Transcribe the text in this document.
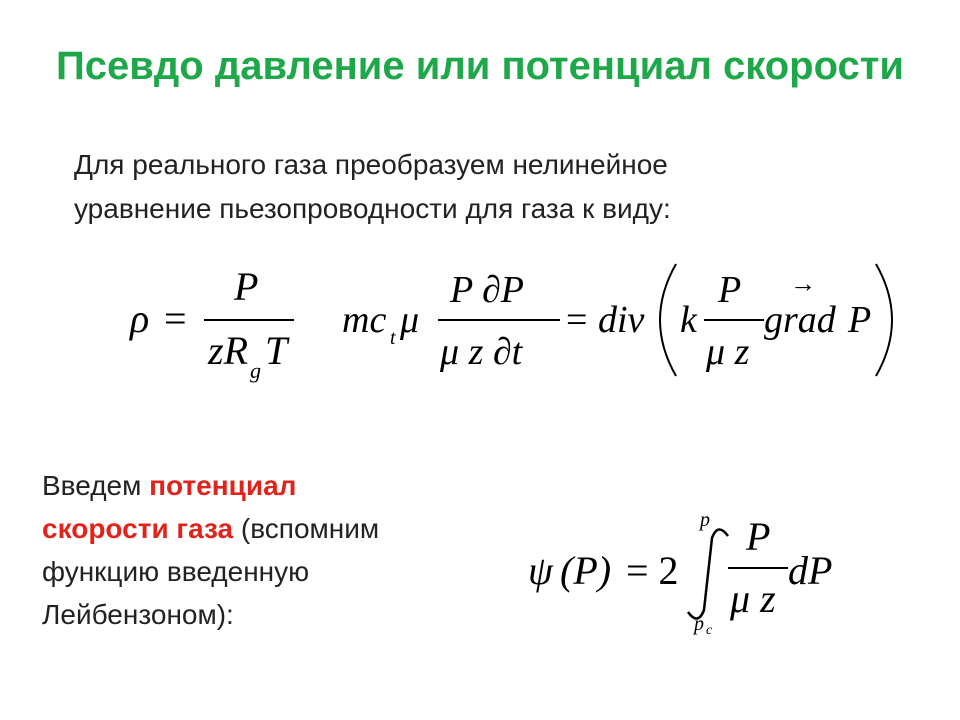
Псевдо давление или потенциал скорости
Для реального газа преобразуем нелинейное
уравнение пьезопроводности для газа к виду:
ρ =
P
zR g T
mc t μ
P ∂P
μ z ∂t
= div k
P
μ z
grad
→
P
Введем потенциал
скорости газа (вспомним
функцию введенную
Лейбензоном):
ψ (P) = 2
p
p c
P
μ z
dP
